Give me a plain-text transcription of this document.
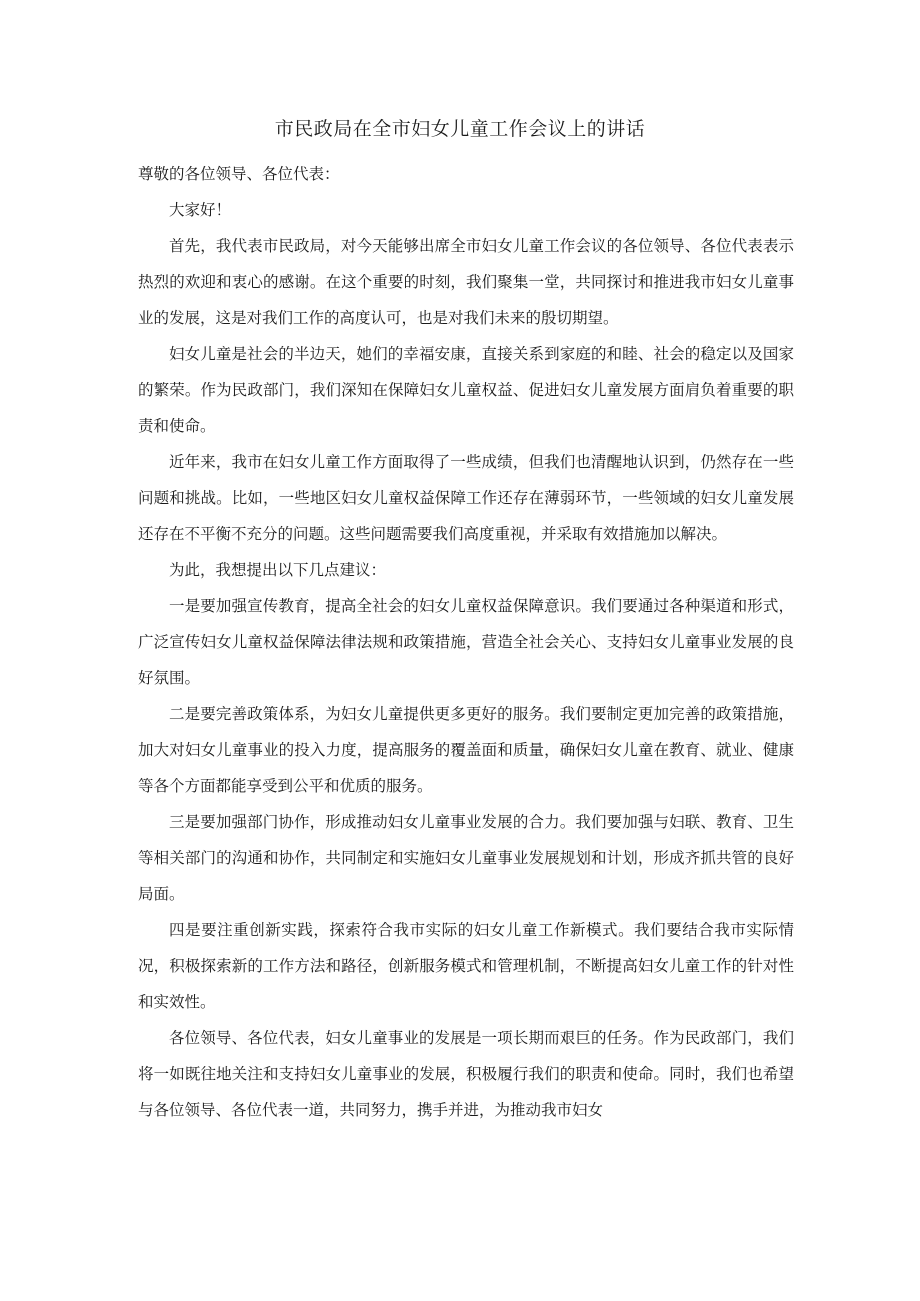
市民政局在全市妇女儿童工作会议上的讲话

尊敬的各位领导、各位代表：

大家好！

首先，我代表市民政局，对今天能够出席全市妇女儿童工作会议的各位领导、各位代表表示热烈的欢迎和衷心的感谢。在这个重要的时刻，我们聚集一堂，共同探讨和推进我市妇女儿童事业的发展，这是对我们工作的高度认可，也是对我们未来的殷切期望。

妇女儿童是社会的半边天，她们的幸福安康，直接关系到家庭的和睦、社会的稳定以及国家的繁荣。作为民政部门，我们深知在保障妇女儿童权益、促进妇女儿童发展方面肩负着重要的职责和使命。

近年来，我市在妇女儿童工作方面取得了一些成绩，但我们也清醒地认识到，仍然存在一些问题和挑战。比如，一些地区妇女儿童权益保障工作还存在薄弱环节，一些领域的妇女儿童发展还存在不平衡不充分的问题。这些问题需要我们高度重视，并采取有效措施加以解决。

为此，我想提出以下几点建议：

一是要加强宣传教育，提高全社会的妇女儿童权益保障意识。我们要通过各种渠道和形式，广泛宣传妇女儿童权益保障法律法规和政策措施，营造全社会关心、支持妇女儿童事业发展的良好氛围。

二是要完善政策体系，为妇女儿童提供更多更好的服务。我们要制定更加完善的政策措施，加大对妇女儿童事业的投入力度，提高服务的覆盖面和质量，确保妇女儿童在教育、就业、健康等各个方面都能享受到公平和优质的服务。

三是要加强部门协作，形成推动妇女儿童事业发展的合力。我们要加强与妇联、教育、卫生等相关部门的沟通和协作，共同制定和实施妇女儿童事业发展规划和计划，形成齐抓共管的良好局面。

四是要注重创新实践，探索符合我市实际的妇女儿童工作新模式。我们要结合我市实际情况，积极探索新的工作方法和路径，创新服务模式和管理机制，不断提高妇女儿童工作的针对性和实效性。

各位领导、各位代表，妇女儿童事业的发展是一项长期而艰巨的任务。作为民政部门，我们将一如既往地关注和支持妇女儿童事业的发展，积极履行我们的职责和使命。同时，我们也希望与各位领导、各位代表一道，共同努力，携手并进，为推动我市妇女
